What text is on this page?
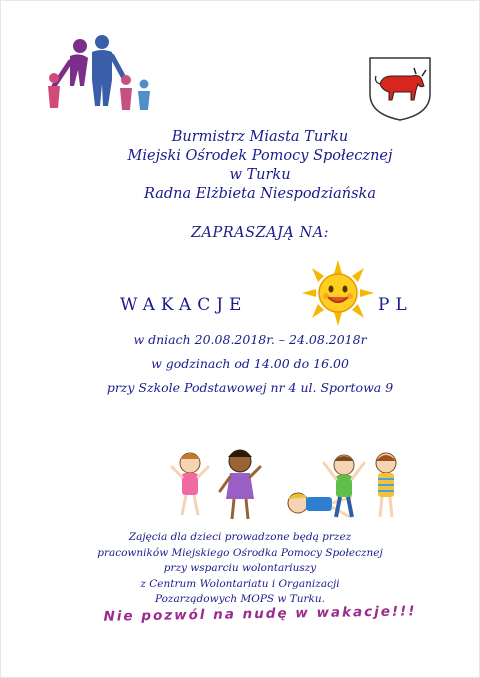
Burmistrz Miasta Turku
Miejski Ośrodek Pomocy Społecznej
w Turku
Radna Elżbieta Niespodziańska
ZAPRASZAJĄ NA:
WAKACJE	PL
w dniach 20.08.2018r. – 24.08.2018r
w godzinach od 14.00 do 16.00
przy Szkole Podstawowej nr 4 ul. Sportowa 9
Zajęcia dla dzieci prowadzone będą przez
pracowników Miejskiego Ośrodka Pomocy Społecznej
przy wsparciu wolontariuszy
z Centrum Wolontariatu i Organizacji
Pozarządowych MOPS w Turku.
Nie pozwól na nudę w wakacje!!!
